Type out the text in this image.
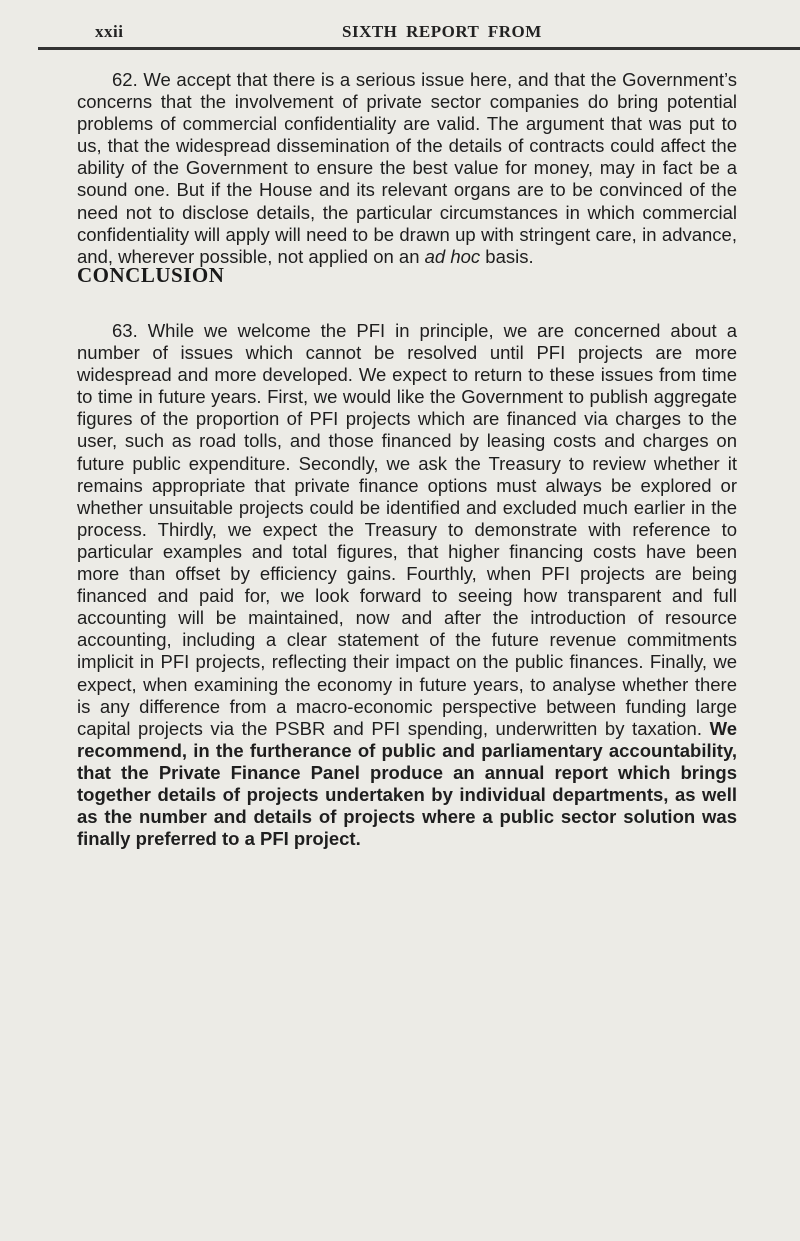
xxii	SIXTH REPORT FROM

62. We accept that there is a serious issue here, and that the Government’s concerns that the involvement of private sector companies do bring potential problems of commercial confidentiality are valid. The argument that was put to us, that the widespread dissemination of the details of contracts could affect the ability of the Government to ensure the best value for money, may in fact be a sound one. But if the House and its relevant organs are to be convinced of the need not to disclose details, the particular circumstances in which commercial confidentiality will apply will need to be drawn up with stringent care, in advance, and, wherever possible, not applied on an ad hoc basis.

CONCLUSION

63. While we welcome the PFI in principle, we are concerned about a number of issues which cannot be resolved until PFI projects are more widespread and more developed. We expect to return to these issues from time to time in future years. First, we would like the Government to publish aggregate figures of the proportion of PFI projects which are financed via charges to the user, such as road tolls, and those financed by leasing costs and charges on future public expenditure. Secondly, we ask the Treasury to review whether it remains appropriate that private finance options must always be explored or whether unsuitable projects could be identified and excluded much earlier in the process. Thirdly, we expect the Treasury to demonstrate with reference to particular examples and total figures, that higher financing costs have been more than offset by efficiency gains. Fourthly, when PFI projects are being financed and paid for, we look forward to seeing how transparent and full accounting will be maintained, now and after the introduction of resource accounting, including a clear statement of the future revenue commitments implicit in PFI projects, reflecting their impact on the public finances. Finally, we expect, when examining the economy in future years, to analyse whether there is any difference from a macro-economic perspective between funding large capital projects via the PSBR and PFI spending, underwritten by taxation. We recommend, in the furtherance of public and parliamentary accountability, that the Private Finance Panel produce an annual report which brings together details of projects undertaken by individual departments, as well as the number and details of projects where a public sector solution was finally preferred to a PFI project.
